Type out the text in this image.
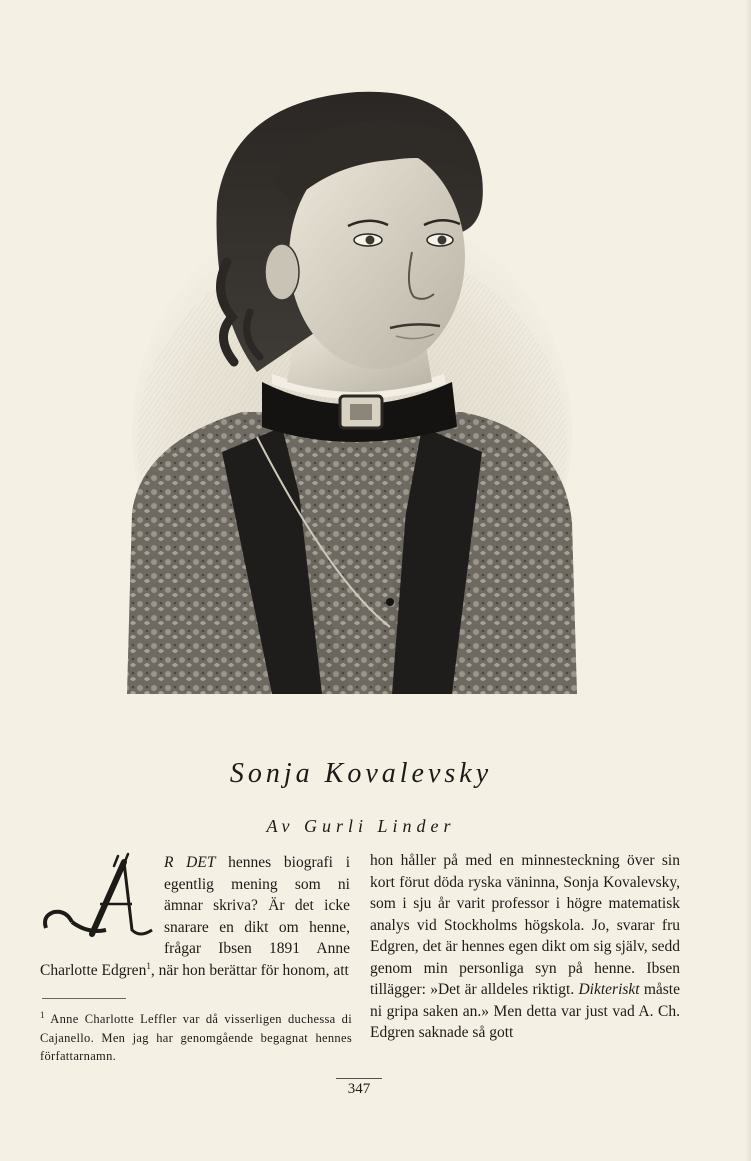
Sonja Kovalevsky
Av Gurli Linder

R DET hennes biografi i egentlig mening som ni ämnar skriva? Är det icke snarare en dikt om henne, frågar Ibsen 1891 Anne Charlotte Edgren$^1$, när hon berättar för honom, att

$^1$ Anne Charlotte Leffler var då visserligen duchessa di Cajanello. Men jag har genomgående begagnat hennes författarnamn.

hon håller på med en minnesteckning över sin kort förut döda ryska väninna, Sonja Kovalevsky, som i sju år varit professor i högre matematisk analys vid Stockholms högskola. Jo, svarar fru Edgren, det är hennes egen dikt om sig själv, sedd genom min personliga syn på henne. Ibsen tillägger: »Det är alldeles riktigt. Dikteriskt måste ni gripa saken an.» Men detta var just vad A. Ch. Edgren saknade så gott

347
